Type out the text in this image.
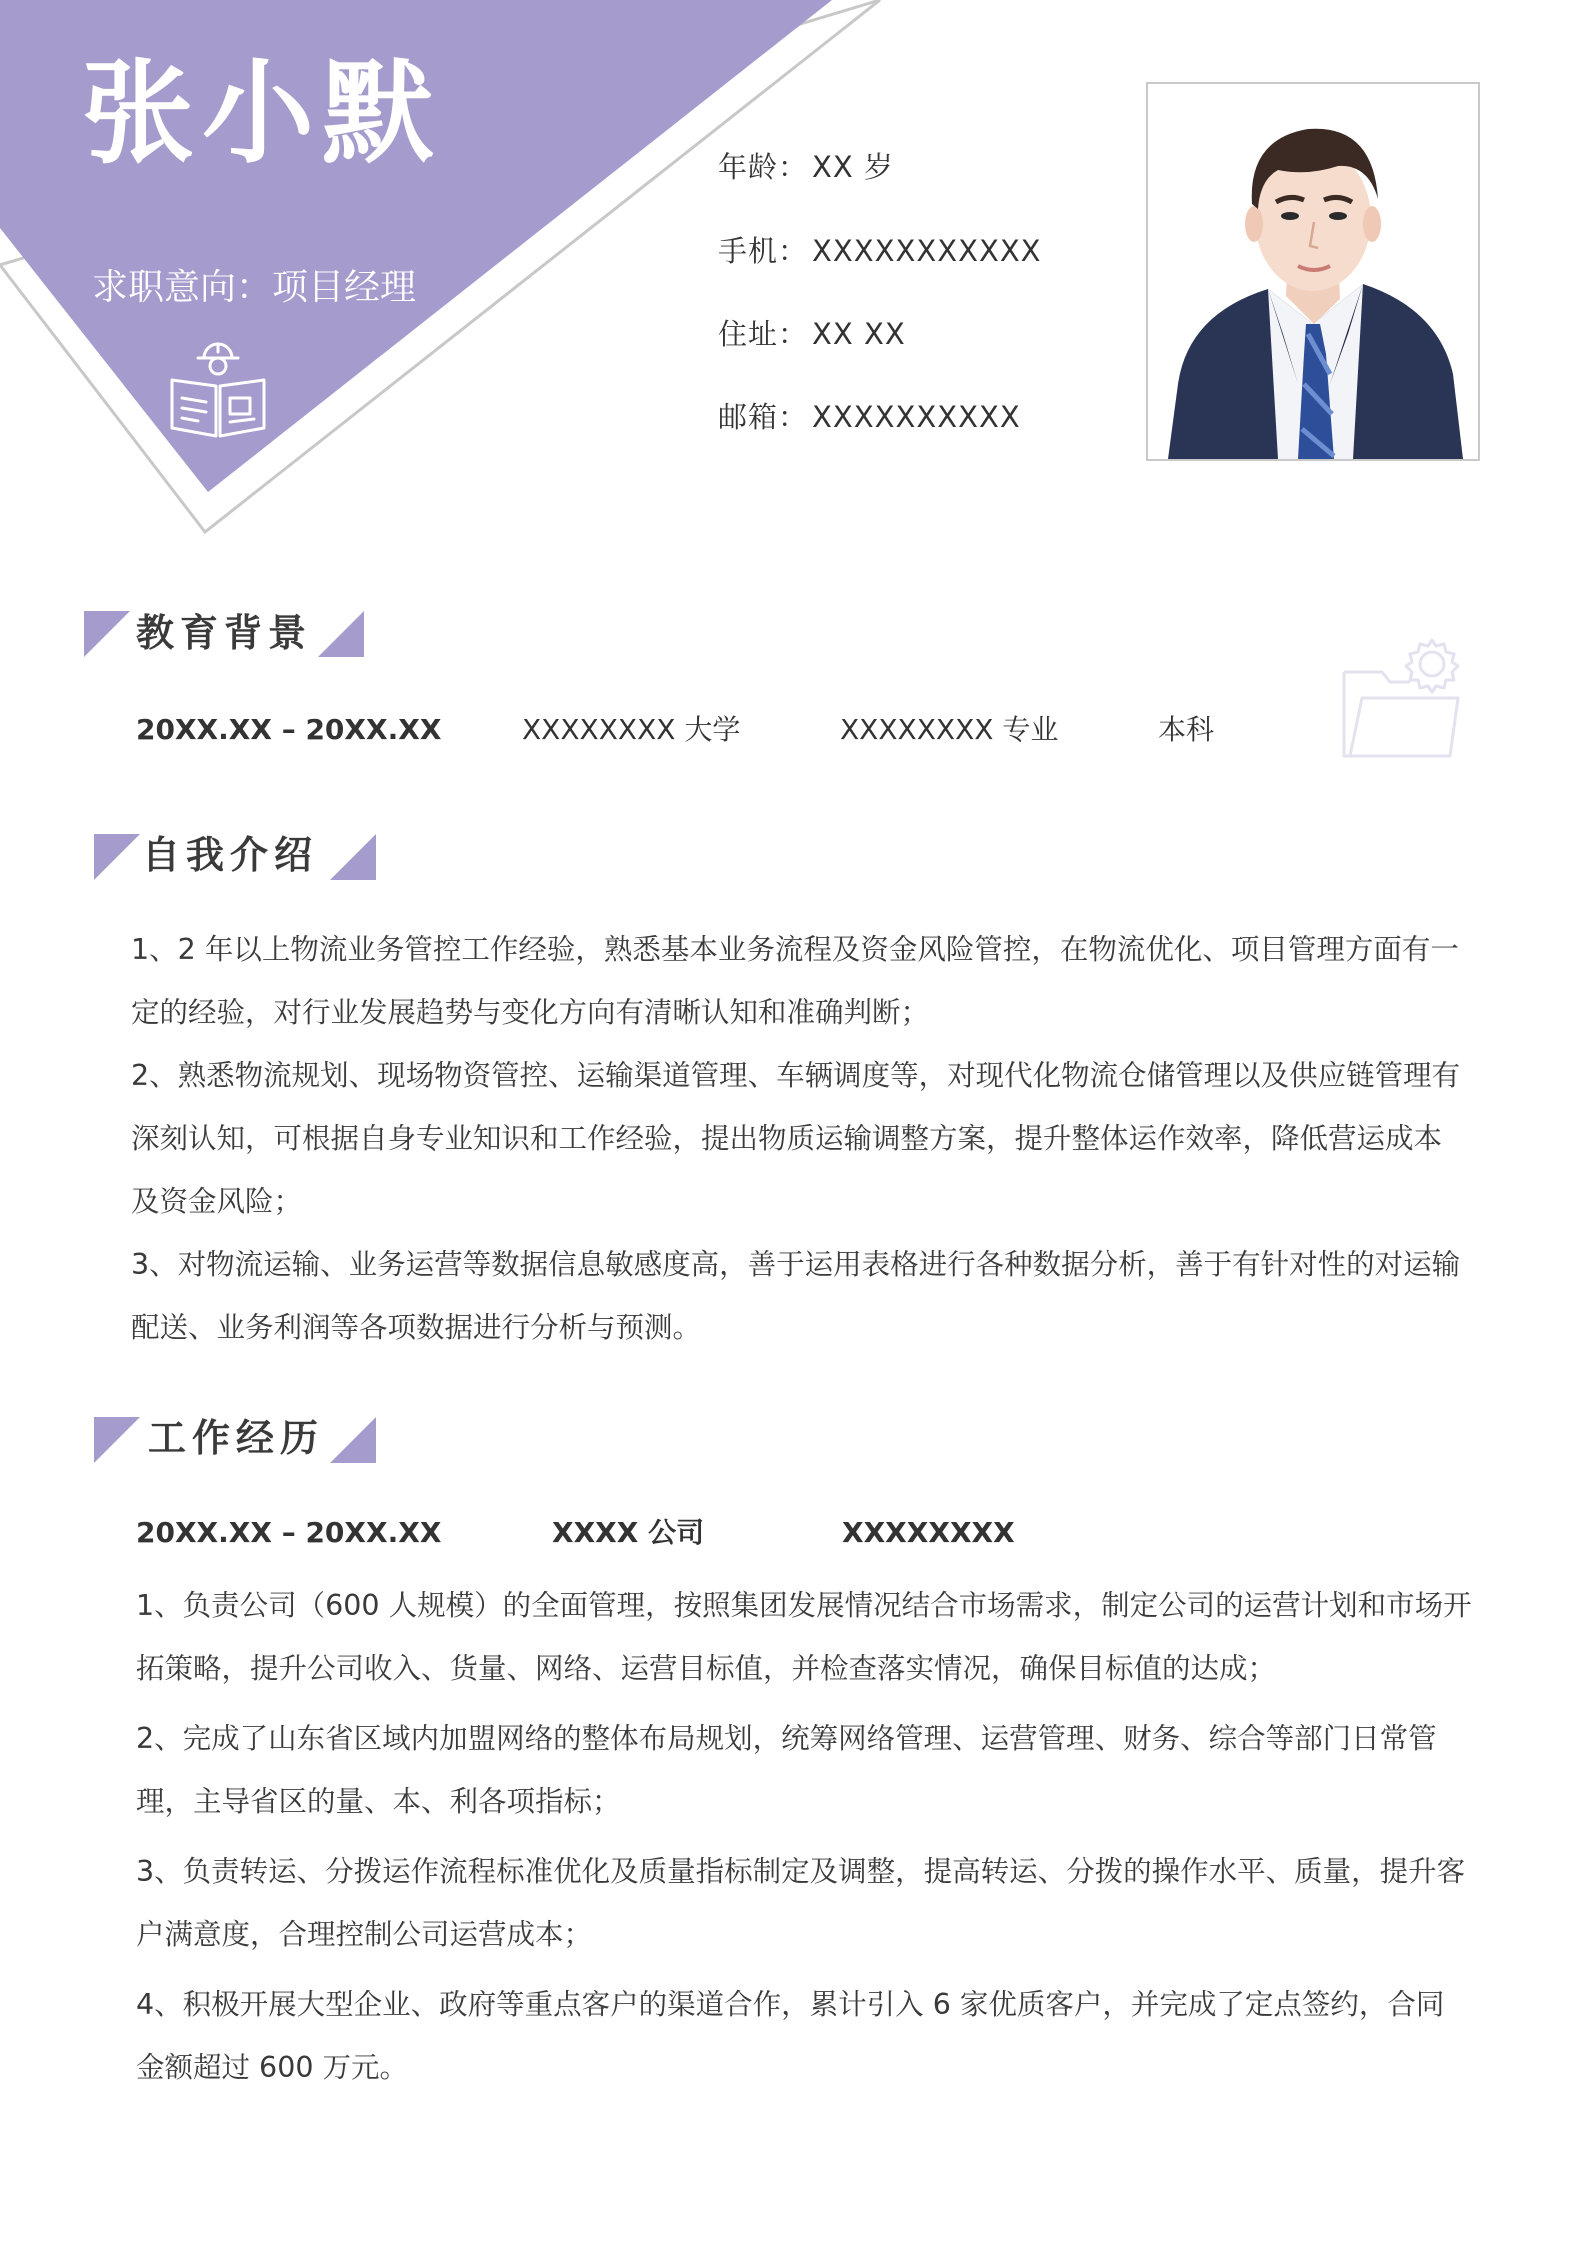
张小默
求职意向：项目经理
年龄： XX 岁
手机： XXXXXXXXXXX
住址： XX XX
邮箱： XXXXXXXXXX
教育背景
20XX.XX – 20XX.XX	XXXXXXXX 大学	XXXXXXXX 专业	本科
自我介绍

1、2 年以上物流业务管控工作经验，熟悉基本业务流程及资金风险管控，在物流优化、项目管理方面有一定的经验，对行业发展趋势与变化方向有清晰认知和准确判断；

2、熟悉物流规划、现场物资管控、运输渠道管理、车辆调度等，对现代化物流仓储管理以及供应链管理有深刻认知，可根据自身专业知识和工作经验，提出物质运输调整方案，提升整体运作效率，降低营运成本及资金风险；

3、对物流运输、业务运营等数据信息敏感度高，善于运用表格进行各种数据分析，善于有针对性的对运输配送、业务利润等各项数据进行分析与预测。

工作经历
20XX.XX – 20XX.XX	XXXX 公司	XXXXXXXX

1、负责公司（600 人规模）的全面管理，按照集团发展情况结合市场需求，制定公司的运营计划和市场开拓策略，提升公司收入、货量、网络、运营目标值，并检查落实情况，确保目标值的达成；

2、完成了山东省区域内加盟网络的整体布局规划，统筹网络管理、运营管理、财务、综合等部门日常管理，主导省区的量、本、利各项指标；

3、负责转运、分拨运作流程标准优化及质量指标制定及调整，提高转运、分拨的操作水平、质量，提升客户满意度，合理控制公司运营成本；

4、积极开展大型企业、政府等重点客户的渠道合作，累计引入 6 家优质客户，并完成了定点签约，合同金额超过 600 万元。
